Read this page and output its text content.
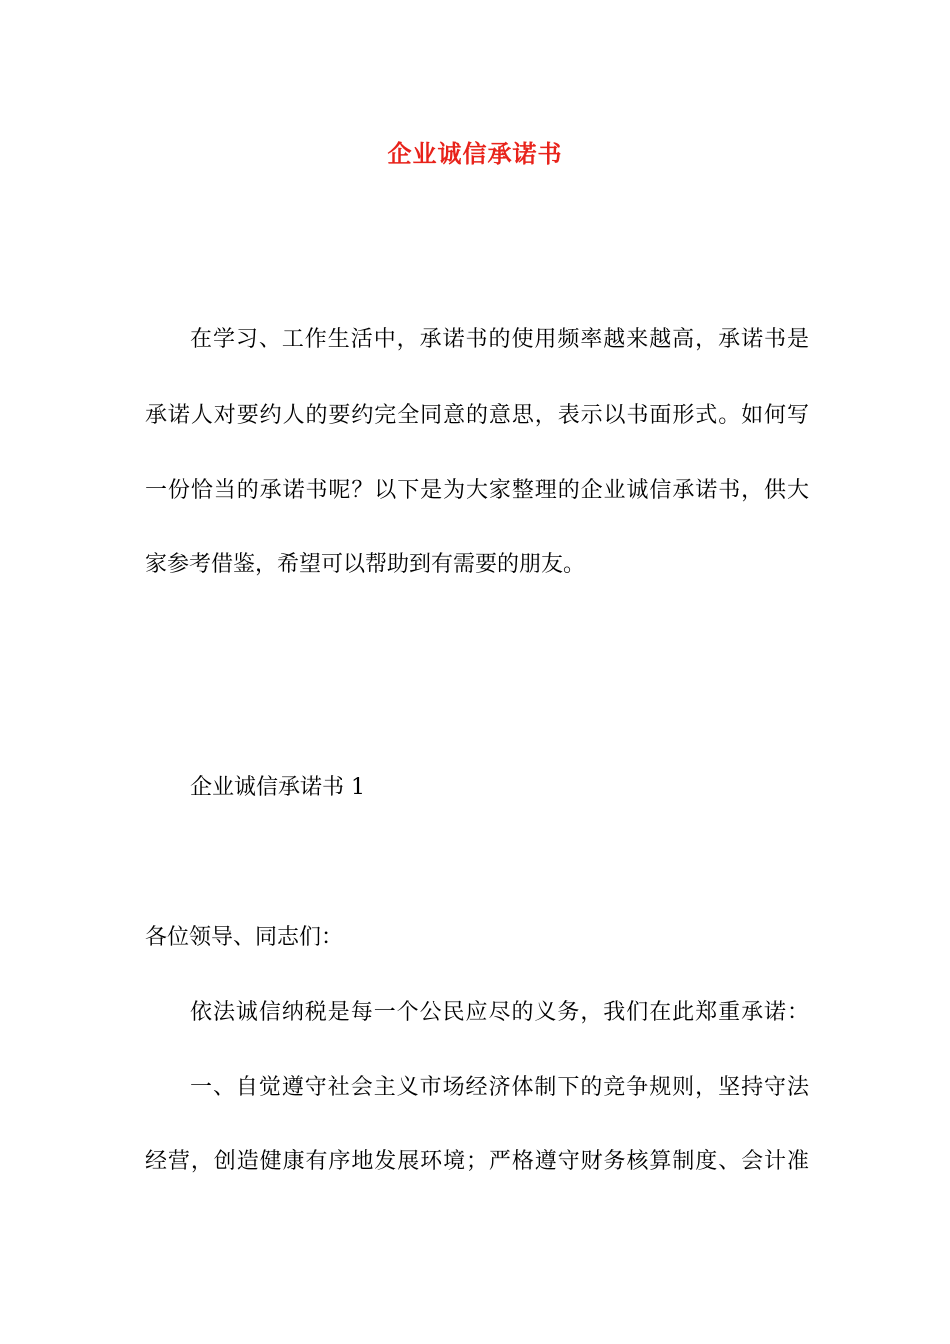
企业诚信承诺书
在学习、工作生活中，承诺书的使用频率越来越高，承诺书是
承诺人对要约人的要约完全同意的意思，表示以书面形式。如何写
一份恰当的承诺书呢？以下是为大家整理的企业诚信承诺书，供大
家参考借鉴，希望可以帮助到有需要的朋友。
企业诚信承诺书 1
各位领导、同志们：
依法诚信纳税是每一个公民应尽的义务，我们在此郑重承诺：
一、自觉遵守社会主义市场经济体制下的竞争规则，坚持守法
经营，创造健康有序地发展环境；严格遵守财务核算制度、会计准
